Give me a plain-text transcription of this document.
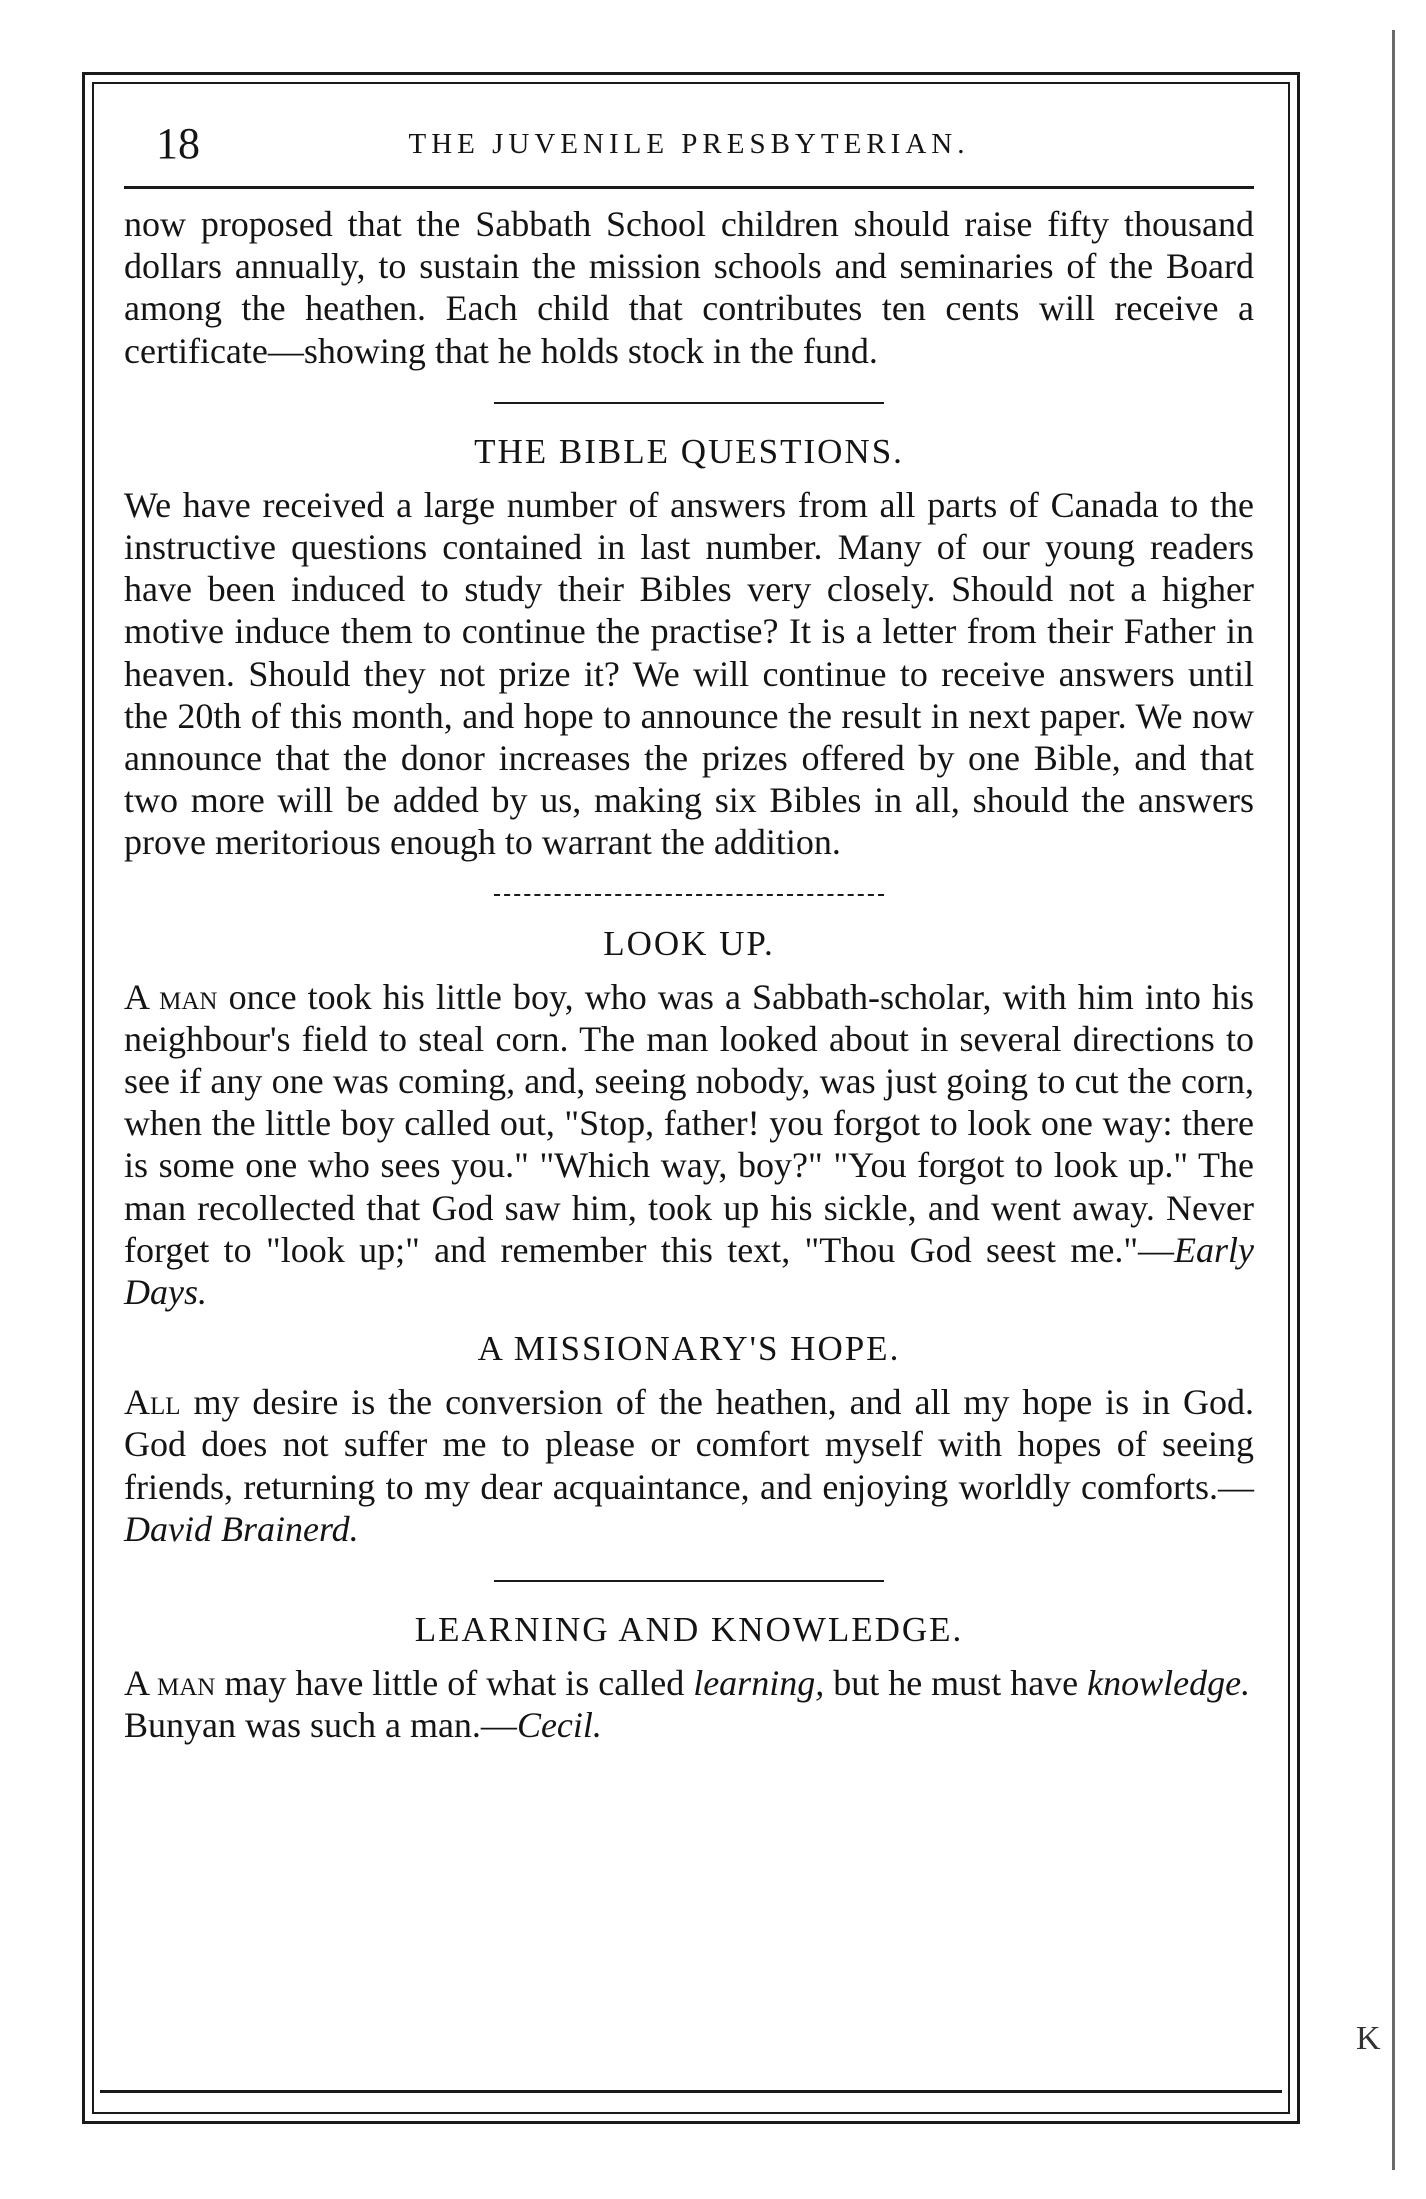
18	THE JUVENILE PRESBYTERIAN.

now proposed that the Sabbath School children should raise fifty thousand dollars annually, to sustain the mission schools and seminaries of the Board among the heathen. Each child that contributes ten cents will receive a certificate—showing that he holds stock in the fund.

THE BIBLE QUESTIONS.

We have received a large number of answers from all parts of Canada to the instructive questions contained in last number. Many of our young readers have been induced to study their Bibles very closely. Should not a higher motive induce them to continue the practise? It is a letter from their Father in heaven. Should they not prize it? We will continue to receive answers until the 20th of this month, and hope to announce the result in next paper. We now announce that the donor increases the prizes offered by one Bible, and that two more will be added by us, making six Bibles in all, should the answers prove meritorious enough to warrant the addition.

LOOK UP.

A man once took his little boy, who was a Sabbath-scholar, with him into his neighbour's field to steal corn. The man looked about in several directions to see if any one was coming, and, seeing nobody, was just going to cut the corn, when the little boy called out, "Stop, father! you forgot to look one way: there is some one who sees you." "Which way, boy?" "You forgot to look up." The man recollected that God saw him, took up his sickle, and went away. Never forget to "look up;" and remember this text, "Thou God seest me."—Early Days.

A MISSIONARY'S HOPE.

All my desire is the conversion of the heathen, and all my hope is in God. God does not suffer me to please or comfort myself with hopes of seeing friends, returning to my dear acquaintance, and enjoying worldly comforts.—David Brainerd.

LEARNING AND KNOWLEDGE.

A man may have little of what is called learning, but he must have knowledge. Bunyan was such a man.—Cecil.

K
